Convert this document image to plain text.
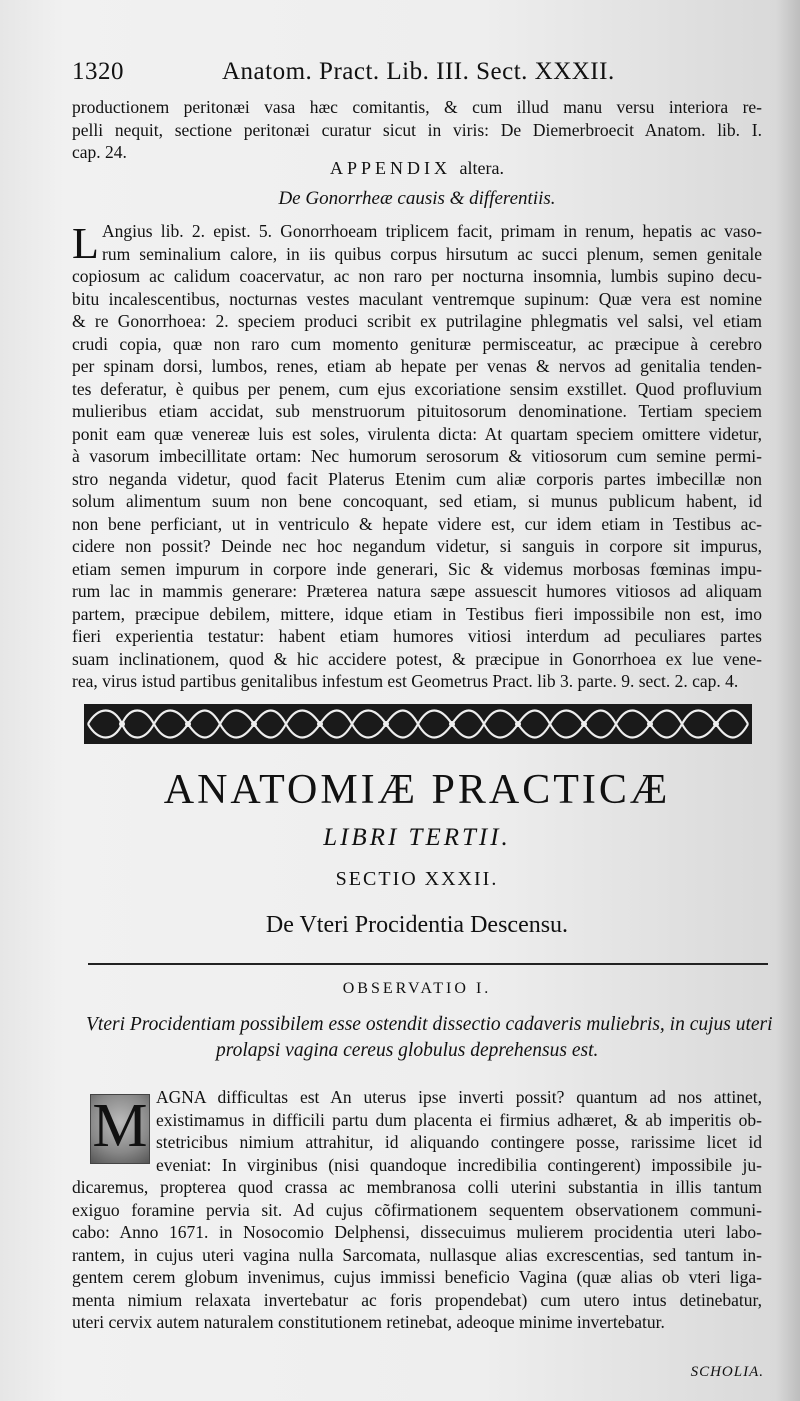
1320	Anatom. Pract. Lib. III. Sect. XXXII.
productionem peritonæi vasa hæc comitantis, & cum illud manu versu interiora re-
pelli nequit, sectione peritonæi curatur sicut in viris: De Diemerbroecit Anatom. lib. I.
cap. 24.
APPENDIX altera.
De Gonorrheæ causis & differentiis.
L Angius lib. 2. epist. 5. Gonorrhoeam triplicem facit, primam in renum, hepatis ac vaso-
rum seminalium calore, in iis quibus corpus hirsutum ac succi plenum, semen genitale
copiosum ac calidum coacervatur, ac non raro per nocturna insomnia, lumbis supino decu-
bitu incalescentibus, nocturnas vestes maculant ventremque supinum: Quæ vera est nomine
& re Gonorrhoea: 2. speciem produci scribit ex putrilagine phlegmatis vel salsi, vel etiam
crudi copia, quæ non raro cum momento genituræ permisceatur, ac præcipue à cerebro
per spinam dorsi, lumbos, renes, etiam ab hepate per venas & nervos ad genitalia tenden-
tes deferatur, è quibus per penem, cum ejus excoriatione sensim exstillet. Quod profluvium
mulieribus etiam accidat, sub menstruorum pituitosorum denominatione. Tertiam speciem
ponit eam quæ venereæ luis est soles, virulenta dicta: At quartam speciem omittere videtur,
à vasorum imbecillitate ortam: Nec humorum serosorum & vitiosorum cum semine permi-
stro neganda videtur, quod facit Platerus Etenim cum aliæ corporis partes imbecillæ non
solum alimentum suum non bene concoquant, sed etiam, si munus publicum habent, id
non bene perficiant, ut in ventriculo & hepate videre est, cur idem etiam in Testibus ac-
cidere non possit? Deinde nec hoc negandum videtur, si sanguis in corpore sit impurus,
etiam semen impurum in corpore inde generari, Sic & videmus morbosas fœminas impu-
rum lac in mammis generare: Præterea natura sæpe assuescit humores vitiosos ad aliquam
partem, præcipue debilem, mittere, idque etiam in Testibus fieri impossibile non est, imo
fieri experientia testatur: habent etiam humores vitiosi interdum ad peculiares partes
suam inclinationem, quod & hic accidere potest, & præcipue in Gonorrhoea ex lue vene-
rea, virus istud partibus genitalibus infestum est Geometrus Pract. lib 3. parte. 9. sect. 2. cap. 4.
ANATOMIÆ PRACTICÆ
LIBRI TERTII.
SECTIO XXXII.
De Vteri Procidentia Descensu.
OBSERVATIO I.
Vteri Procidentiam possibilem esse ostendit dissectio cadaveris muliebris, in cujus uteri
prolapsi vagina cereus globulus deprehensus est.
M AGNA difficultas est An uterus ipse inverti possit? quantum ad nos attinet,
existimamus in difficili partu dum placenta ei firmius adhæret, & ab imperitis ob-
stetricibus nimium attrahitur, id aliquando contingere posse, rarissime licet id
eveniat: In virginibus (nisi quandoque incredibilia contingerent) impossibile ju-
dicaremus, propterea quod crassa ac membranosa colli uterini substantia in illis tantum
exiguo foramine pervia sit. Ad cujus cõfirmationem sequentem observationem communi-
cabo: Anno 1671. in Nosocomio Delphensi, dissecuimus mulierem procidentia uteri labo-
rantem, in cujus uteri vagina nulla Sarcomata, nullasque alias excrescentias, sed tantum in-
gentem cerem globum invenimus, cujus immissi beneficio Vagina (quæ alias ob vteri liga-
menta nimium relaxata invertebatur ac foris propendebat) cum utero intus detinebatur,
uteri cervix autem naturalem constitutionem retinebat, adeoque minime invertebatur.
SCHOLIA.
